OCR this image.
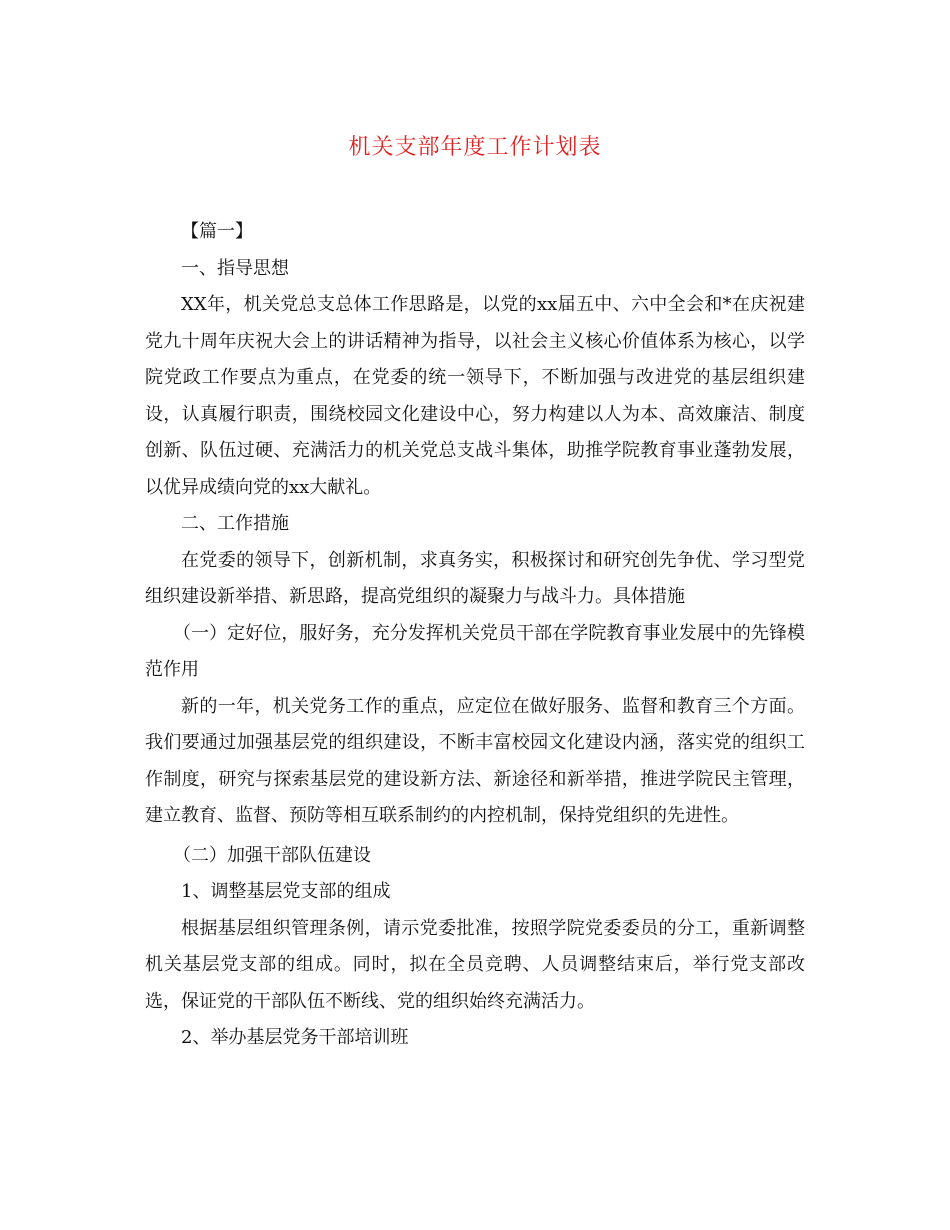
机关支部年度工作计划表

【篇一】

一、指导思想

XX年，机关党总支总体工作思路是，以党的xx届五中、六中全会和*在庆祝建党九十周年庆祝大会上的讲话精神为指导，以社会主义核心价值体系为核心，以学院党政工作要点为重点，在党委的统一领导下，不断加强与改进党的基层组织建设，认真履行职责，围绕校园文化建设中心，努力构建以人为本、高效廉洁、制度创新、队伍过硬、充满活力的机关党总支战斗集体，助推学院教育事业蓬勃发展，以优异成绩向党的xx大献礼。

二、工作措施

在党委的领导下，创新机制，求真务实，积极探讨和研究创先争优、学习型党组织建设新举措、新思路，提高党组织的凝聚力与战斗力。具体措施

（一）定好位，服好务，充分发挥机关党员干部在学院教育事业发展中的先锋模范作用

新的一年，机关党务工作的重点，应定位在做好服务、监督和教育三个方面。我们要通过加强基层党的组织建设，不断丰富校园文化建设内涵，落实党的组织工作制度，研究与探索基层党的建设新方法、新途径和新举措，推进学院民主管理，建立教育、监督、预防等相互联系制约的内控机制，保持党组织的先进性。

（二）加强干部队伍建设

1、调整基层党支部的组成

根据基层组织管理条例，请示党委批准，按照学院党委委员的分工，重新调整机关基层党支部的组成。同时，拟在全员竞聘、人员调整结束后，举行党支部改选，保证党的干部队伍不断线、党的组织始终充满活力。

2、举办基层党务干部培训班
